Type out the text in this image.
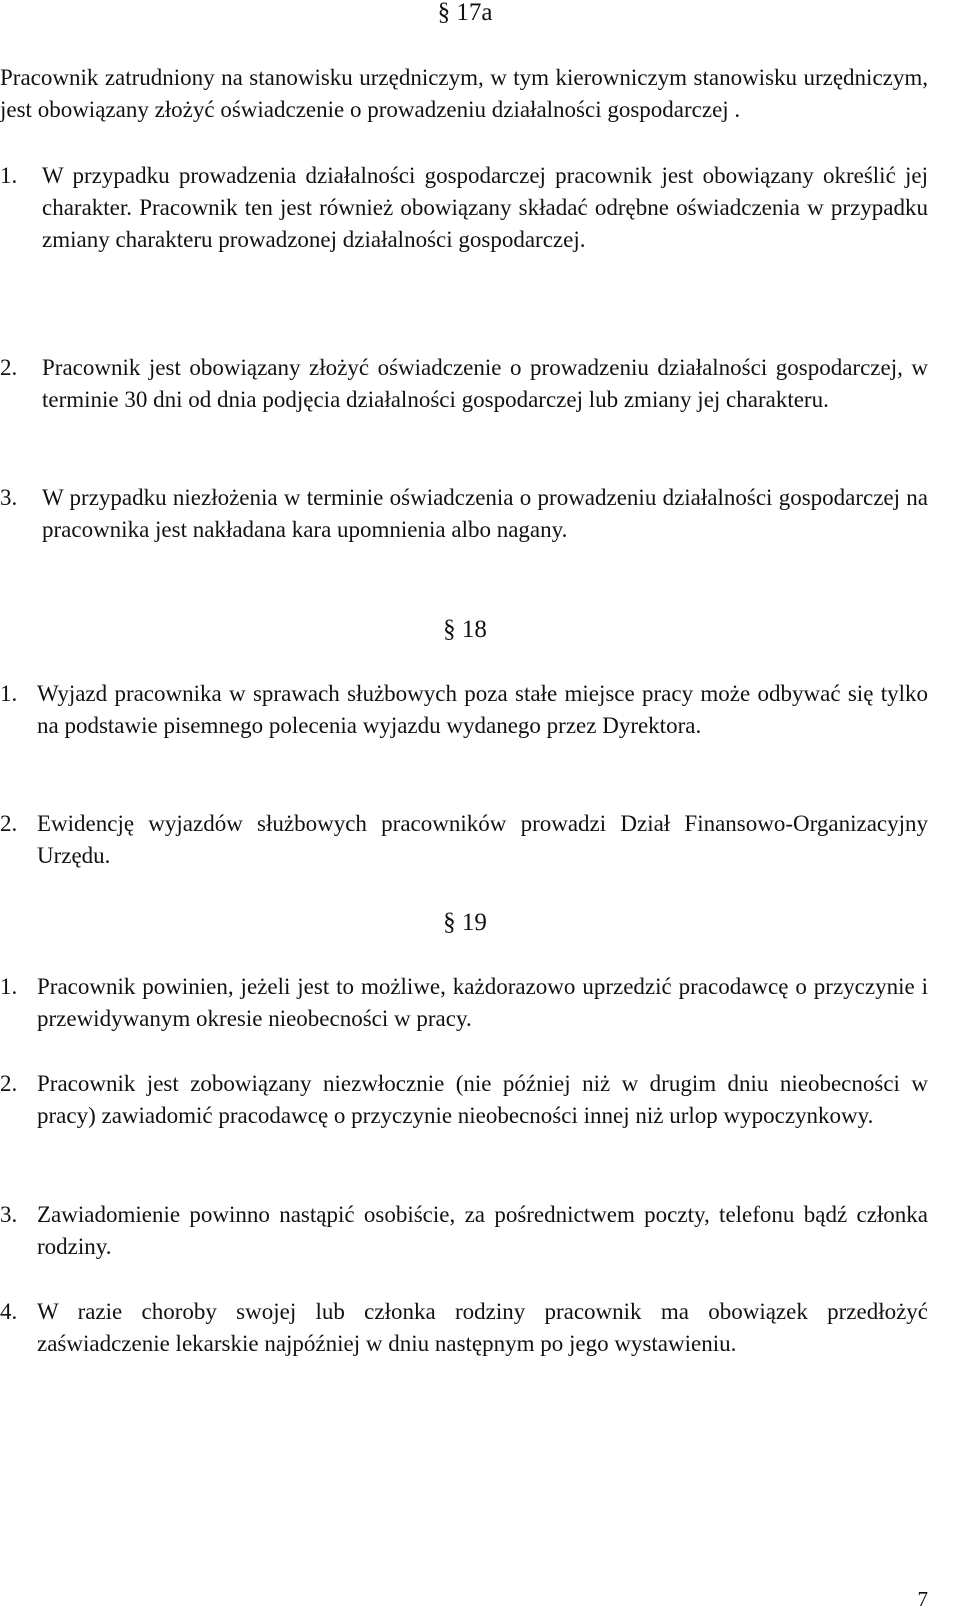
§ 17a
Pracownik zatrudniony na stanowisku urzędniczym, w tym kierowniczym stanowisku urzędniczym, jest obowiązany złożyć oświadczenie o prowadzeniu działalności gospodarczej .
1.	W przypadku prowadzenia działalności gospodarczej pracownik jest obowiązany określić jej charakter. Pracownik ten jest również obowiązany składać odrębne oświadczenia w przypadku zmiany charakteru prowadzonej działalności gospodarczej.
2.	Pracownik jest obowiązany złożyć oświadczenie o prowadzeniu działalności gospodarczej, w terminie 30 dni od dnia podjęcia działalności gospodarczej lub zmiany jej charakteru.
3.	W przypadku niezłożenia w terminie oświadczenia o prowadzeniu działalności gospodarczej na pracownika jest nakładana kara upomnienia albo nagany.
§ 18
1. Wyjazd pracownika w sprawach służbowych poza stałe miejsce pracy może odbywać się tylko na podstawie pisemnego polecenia wyjazdu wydanego przez Dyrektora.
2. Ewidencję wyjazdów służbowych pracowników prowadzi Dział Finansowo-Organizacyjny Urzędu.
§ 19
1. Pracownik powinien, jeżeli jest to możliwe, każdorazowo uprzedzić pracodawcę o przyczynie i przewidywanym okresie nieobecności w pracy.
2. Pracownik jest zobowiązany niezwłocznie (nie później niż w drugim dniu nieobecności w pracy) zawiadomić pracodawcę o przyczynie nieobecności innej niż urlop wypoczynkowy.
3. Zawiadomienie powinno nastąpić osobiście, za pośrednictwem poczty, telefonu bądź członka rodziny.
4. W razie choroby swojej lub członka rodziny pracownik ma obowiązek przedłożyć zaświadczenie lekarskie najpóźniej w dniu następnym po jego wystawieniu.
7
